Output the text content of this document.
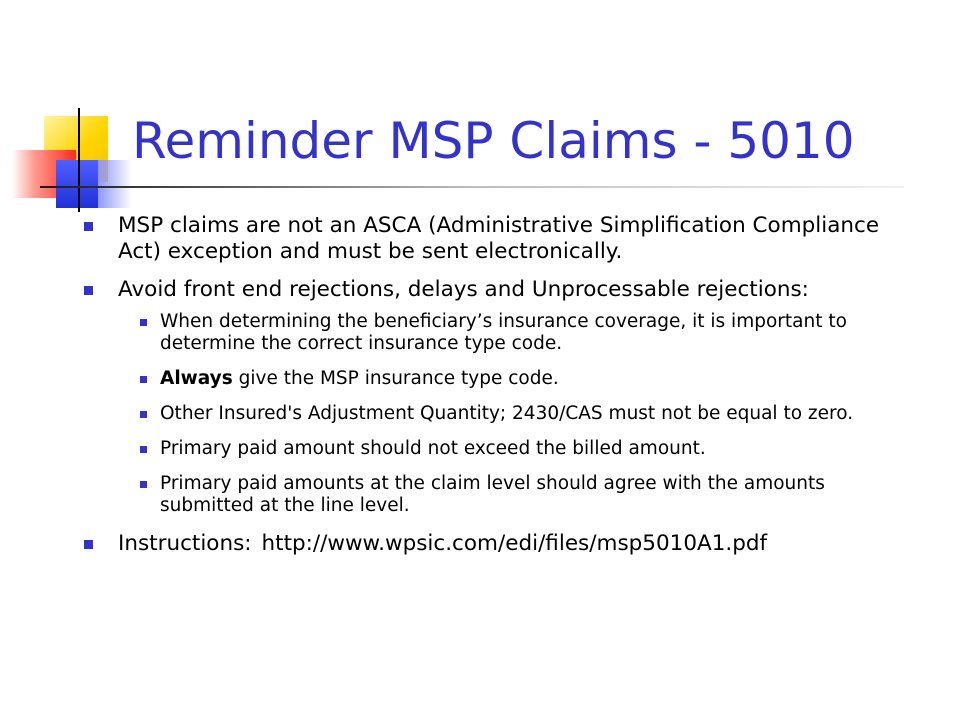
Reminder MSP Claims - 5010
MSP claims are not an ASCA (Administrative Simplification Compliance Act) exception and must be sent electronically.
Avoid front end rejections, delays and Unprocessable rejections:
When determining the beneficiary’s insurance coverage, it is important to determine the correct insurance type code.
Always give the MSP insurance type code.
Other Insured's Adjustment Quantity; 2430/CAS must not be equal to zero.
Primary paid amount should not exceed the billed amount.
Primary paid amounts at the claim level should agree with the amounts submitted at the line level.
Instructions: http://www.wpsic.com/edi/files/msp5010A1.pdf
